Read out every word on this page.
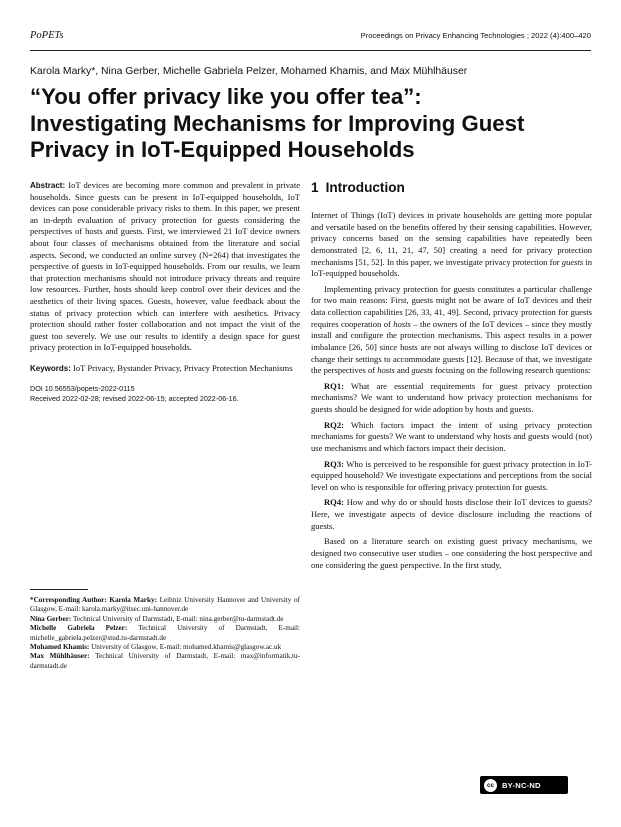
PoPETs	Proceedings on Privacy Enhancing Technologies ; 2022 (4):400–420
Karola Marky*, Nina Gerber, Michelle Gabriela Pelzer, Mohamed Khamis, and Max Mühlhäuser
“You offer privacy like you offer tea”:
Investigating Mechanisms for Improving Guest
Privacy in IoT-Equipped Households
Abstract: IoT devices are becoming more common and prevalent in private households. Since guests can be present in IoT-equipped households, IoT devices can pose considerable privacy risks to them. In this paper, we present an in-depth evaluation of privacy protection for guests considering the perspectives of hosts and guests. First, we interviewed 21 IoT device owners about four classes of mechanisms obtained from the literature and social aspects. Second, we conducted an online survey (N=264) that investigates the perspective of guests in IoT-equipped households. From our results, we learn that protection mechanisms should not introduce privacy threats and require low resources. Further, hosts should keep control over their devices and the aesthetics of their living spaces. Guests, however, value feedback about the status of privacy protection which can interfere with aesthetics. Privacy protection should rather foster collaboration and not impact the visit of the guest too severely. We use our results to identify a design space for guest privacy protection in IoT-equipped households.
Keywords: IoT Privacy, Bystander Privacy, Privacy Protection Mechanisms
DOI 10.56553/popets-2022-0115
Received 2022-02-28; revised 2022-06-15; accepted 2022-06-16.
*Corresponding Author: Karola Marky: Leibniz University Hannover and University of Glasgow, E-mail: karola.marky@itsec.uni-hannover.de
Nina Gerber: Technical University of Darmstadt, E-mail: nina.gerber@tu-darmstadt.de
Michelle Gabriela Pelzer: Technical University of Darmstadt, E-mail: michelle_gabriela.pelzer@stud.tu-darmstadt.de
Mohamed Khamis: University of Glasgow, E-mail: mohamed.khamis@glasgow.ac.uk
Max Mühlhäuser: Technical University of Darmstadt, E-mail: max@informatik.tu-darmstadt.de
1 Introduction

Internet of Things (IoT) devices in private households are getting more popular and versatile based on the benefits offered by their sensing capabilities. However, privacy concerns based on the sensing capabilities have repeatedly been demonstrated [2, 6, 11, 21, 47, 50] creating a need for privacy protection mechanisms [51, 52]. In this paper, we investigate privacy protection for guests in IoT-equipped households.

Implementing privacy protection for guests constitutes a particular challenge for two main reasons: First, guests might not be aware of IoT devices and their data collection capabilities [26, 33, 41, 49]. Second, privacy protection for guests requires cooperation of hosts – the owners of the IoT devices – since they mostly install and configure the protection mechanisms. This aspect results in a power imbalance [26, 50] since hosts are not always willing to disclose IoT devices or change their settings to accommodate guests [12]. Because of that, we investigate the perspectives of hosts and guests focusing on the following research questions:

RQ1: What are essential requirements for guest privacy protection mechanisms? We want to understand how privacy protection mechanisms for guests should be designed for wide adoption by hosts and guests.

RQ2: Which factors impact the intent of using privacy protection mechanisms for guests? We want to understand why hosts and guests would (not) use mechanisms and which factors impact their decision.

RQ3: Who is perceived to be responsible for guest privacy protection in IoT-equipped household? We investigate expectations and perceptions from the social level on who is responsible for offering privacy protection for guests.

RQ4: How and why do or should hosts disclose their IoT devices to guests? Here, we investigate aspects of device disclosure including the reactions of guests.

Based on a literature search on existing guest privacy mechanisms, we designed two consecutive user studies – one considering the host perspective and one considering the guest perspective. In the first study,

cc	BY-NC-ND
